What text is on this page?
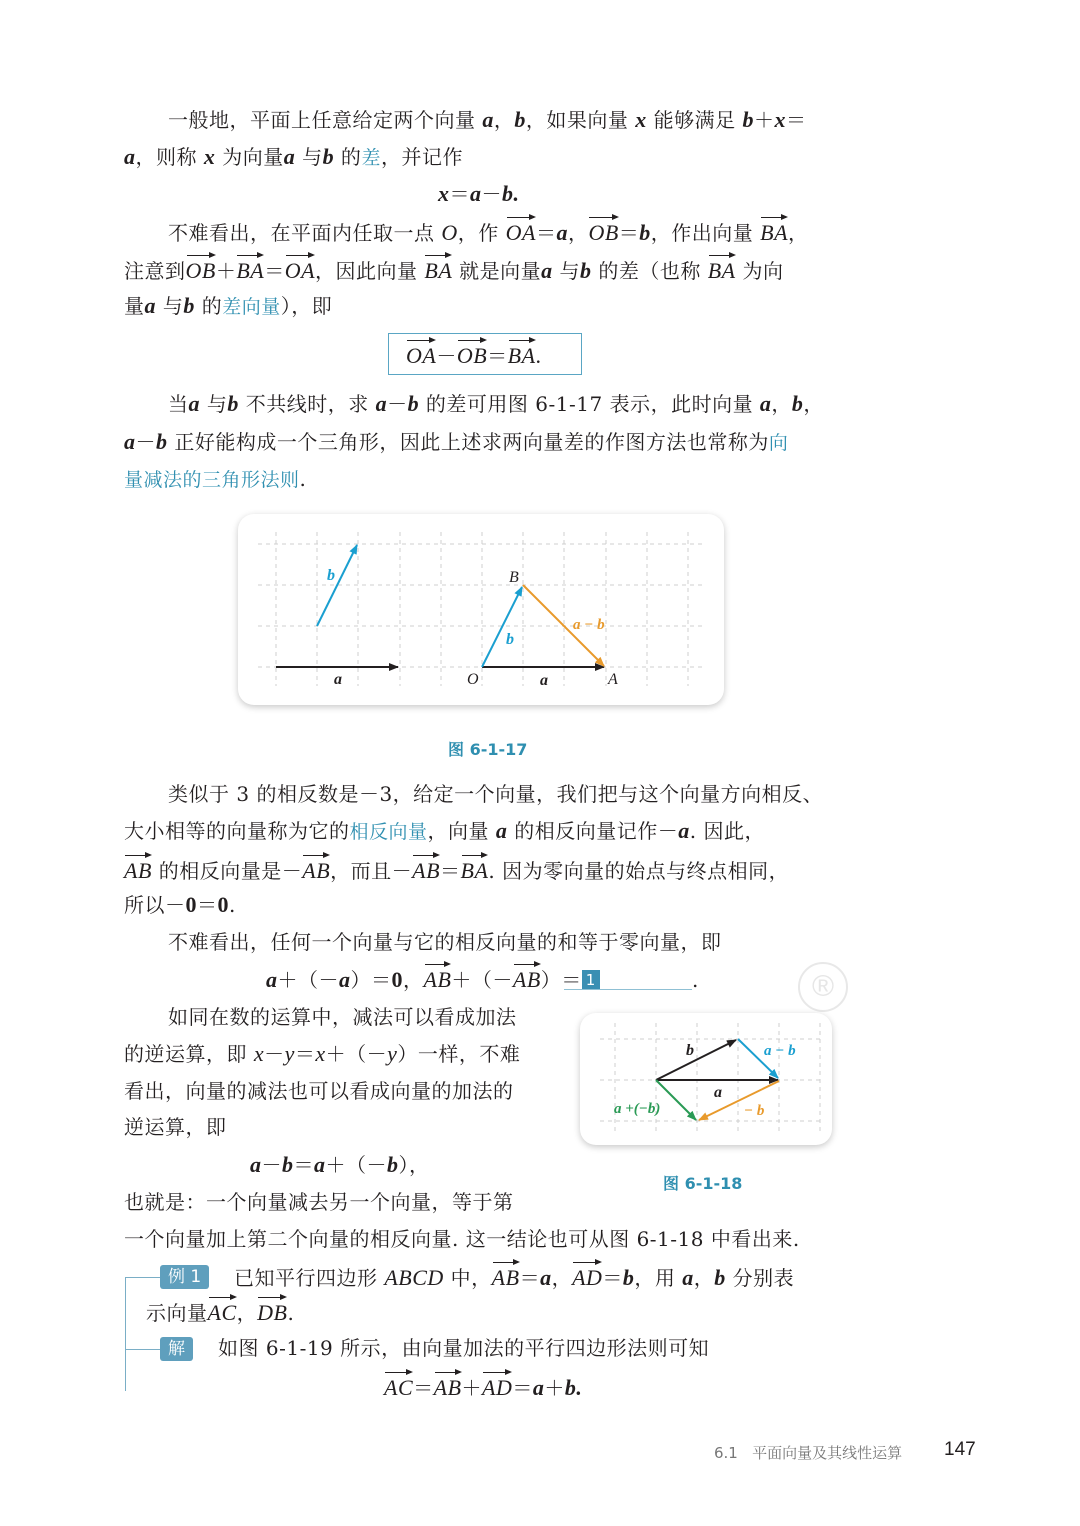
一般地，平面上任意给定两个向量 a，b，如果向量 x 能够满足 b＋x＝
a，则称 x 为向量a 与b 的差，并记作
x＝a－b.
不难看出，在平面内任取一点 O，作 OA＝a，OB＝b，作出向量 BA，
注意到OB＋BA＝OA，因此向量 BA 就是向量a 与b 的差（也称 BA 为向
量a 与b 的差向量），即
OA－OB＝BA.
当a 与b 不共线时，求 a－b 的差可用图 6-1-17 表示，此时向量 a，b，
a－b 正好能构成一个三角形，因此上述求两向量差的作图方法也常称为向
量减法的三角形法则.
b
a
B
O	A
b
a
a − b
图 6-1-17
类似于 3 的相反数是－3，给定一个向量，我们把与这个向量方向相反、
大小相等的向量称为它的相反向量，向量 a 的相反向量记作－a. 因此，
AB 的相反向量是－AB，而且－AB＝BA. 因为零向量的始点与终点相同，
所以－0＝0.
不难看出，任何一个向量与它的相反向量的和等于零向量，即
a＋（－a）＝0，AB＋（－AB）＝ 1	.	®
如同在数的运算中，减法可以看成加法
的逆运算，即 x－y＝x＋（－y）一样，不难
看出，向量的减法也可以看成向量的加法的
逆运算，即
a－b＝a＋（－b），
也就是：一个向量减去另一个向量，等于第
一个向量加上第二个向量的相反向量. 这一结论也可从图 6-1-18 中看出来.
b
a
a − b
− b
a +(−b)
图 6-1-18
例 1	已知平行四边形 ABCD 中，AB＝a，AD＝b，用 a，b 分别表
示向量AC，DB.
解	如图 6-1-19 所示，由向量加法的平行四边形法则可知
AC＝AB＋AD＝a＋b.
6.1   平面向量及其线性运算 147
